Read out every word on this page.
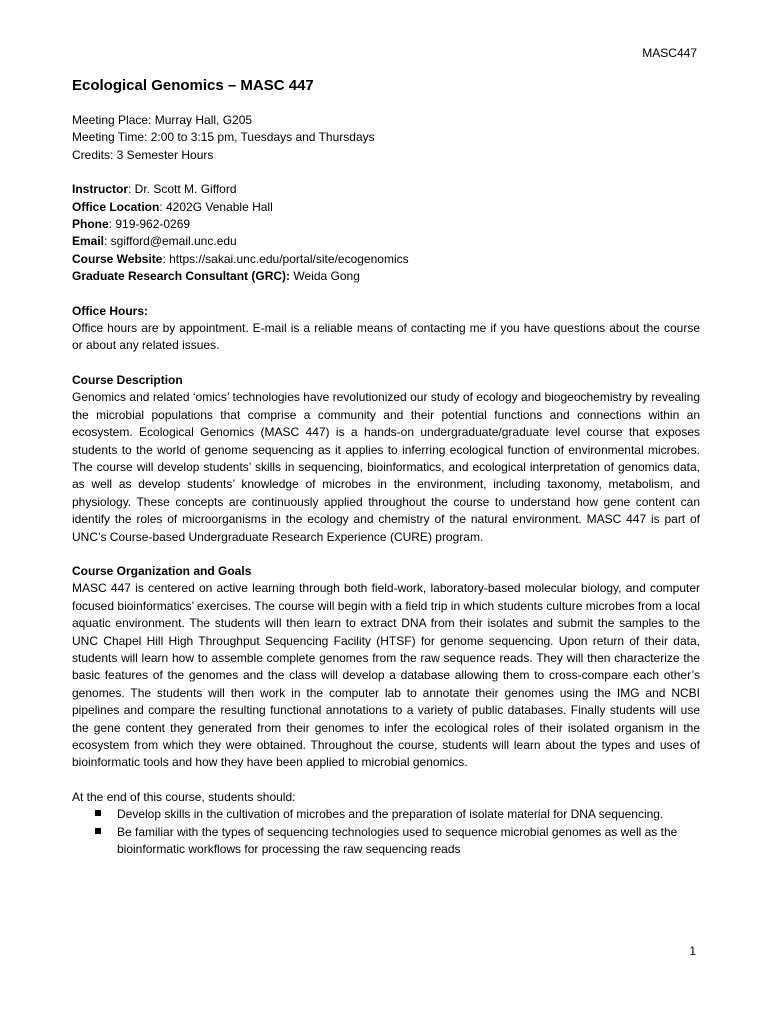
MASC447
Ecological Genomics – MASC 447
Meeting Place: Murray Hall, G205
Meeting Time: 2:00 to 3:15 pm, Tuesdays and Thursdays
Credits: 3 Semester Hours
Instructor: Dr. Scott M. Gifford
Office Location: 4202G Venable Hall
Phone: 919-962-0269
Email: sgifford@email.unc.edu
Course Website: https://sakai.unc.edu/portal/site/ecogenomics
Graduate Research Consultant (GRC): Weida Gong
Office Hours:

Office hours are by appointment. E-mail is a reliable means of contacting me if you have questions about the course or about any related issues.

Course Description

Genomics and related ‘omics’ technologies have revolutionized our study of ecology and biogeochemistry by revealing the microbial populations that comprise a community and their potential functions and connections within an ecosystem. Ecological Genomics (MASC 447) is a hands-on undergraduate/graduate level course that exposes students to the world of genome sequencing as it applies to inferring ecological function of environmental microbes. The course will develop students’ skills in sequencing, bioinformatics, and ecological interpretation of genomics data, as well as develop students’ knowledge of microbes in the environment, including taxonomy, metabolism, and physiology. These concepts are continuously applied throughout the course to understand how gene content can identify the roles of microorganisms in the ecology and chemistry of the natural environment. MASC 447 is part of UNC’s Course-based Undergraduate Research Experience (CURE) program.

Course Organization and Goals

MASC 447 is centered on active learning through both field-work, laboratory-based molecular biology, and computer focused bioinformatics’ exercises. The course will begin with a field trip in which students culture microbes from a local aquatic environment. The students will then learn to extract DNA from their isolates and submit the samples to the UNC Chapel Hill High Throughput Sequencing Facility (HTSF) for genome sequencing. Upon return of their data, students will learn how to assemble complete genomes from the raw sequence reads. They will then characterize the basic features of the genomes and the class will develop a database allowing them to cross-compare each other’s genomes. The students will then work in the computer lab to annotate their genomes using the IMG and NCBI pipelines and compare the resulting functional annotations to a variety of public databases. Finally students will use the gene content they generated from their genomes to infer the ecological roles of their isolated organism in the ecosystem from which they were obtained. Throughout the course, students will learn about the types and uses of bioinformatic tools and how they have been applied to microbial genomics.

At the end of this course, students should:
Develop skills in the cultivation of microbes and the preparation of isolate material for DNA sequencing.
Be familiar with the types of sequencing technologies used to sequence microbial genomes as well as the bioinformatic workflows for processing the raw sequencing reads
1
